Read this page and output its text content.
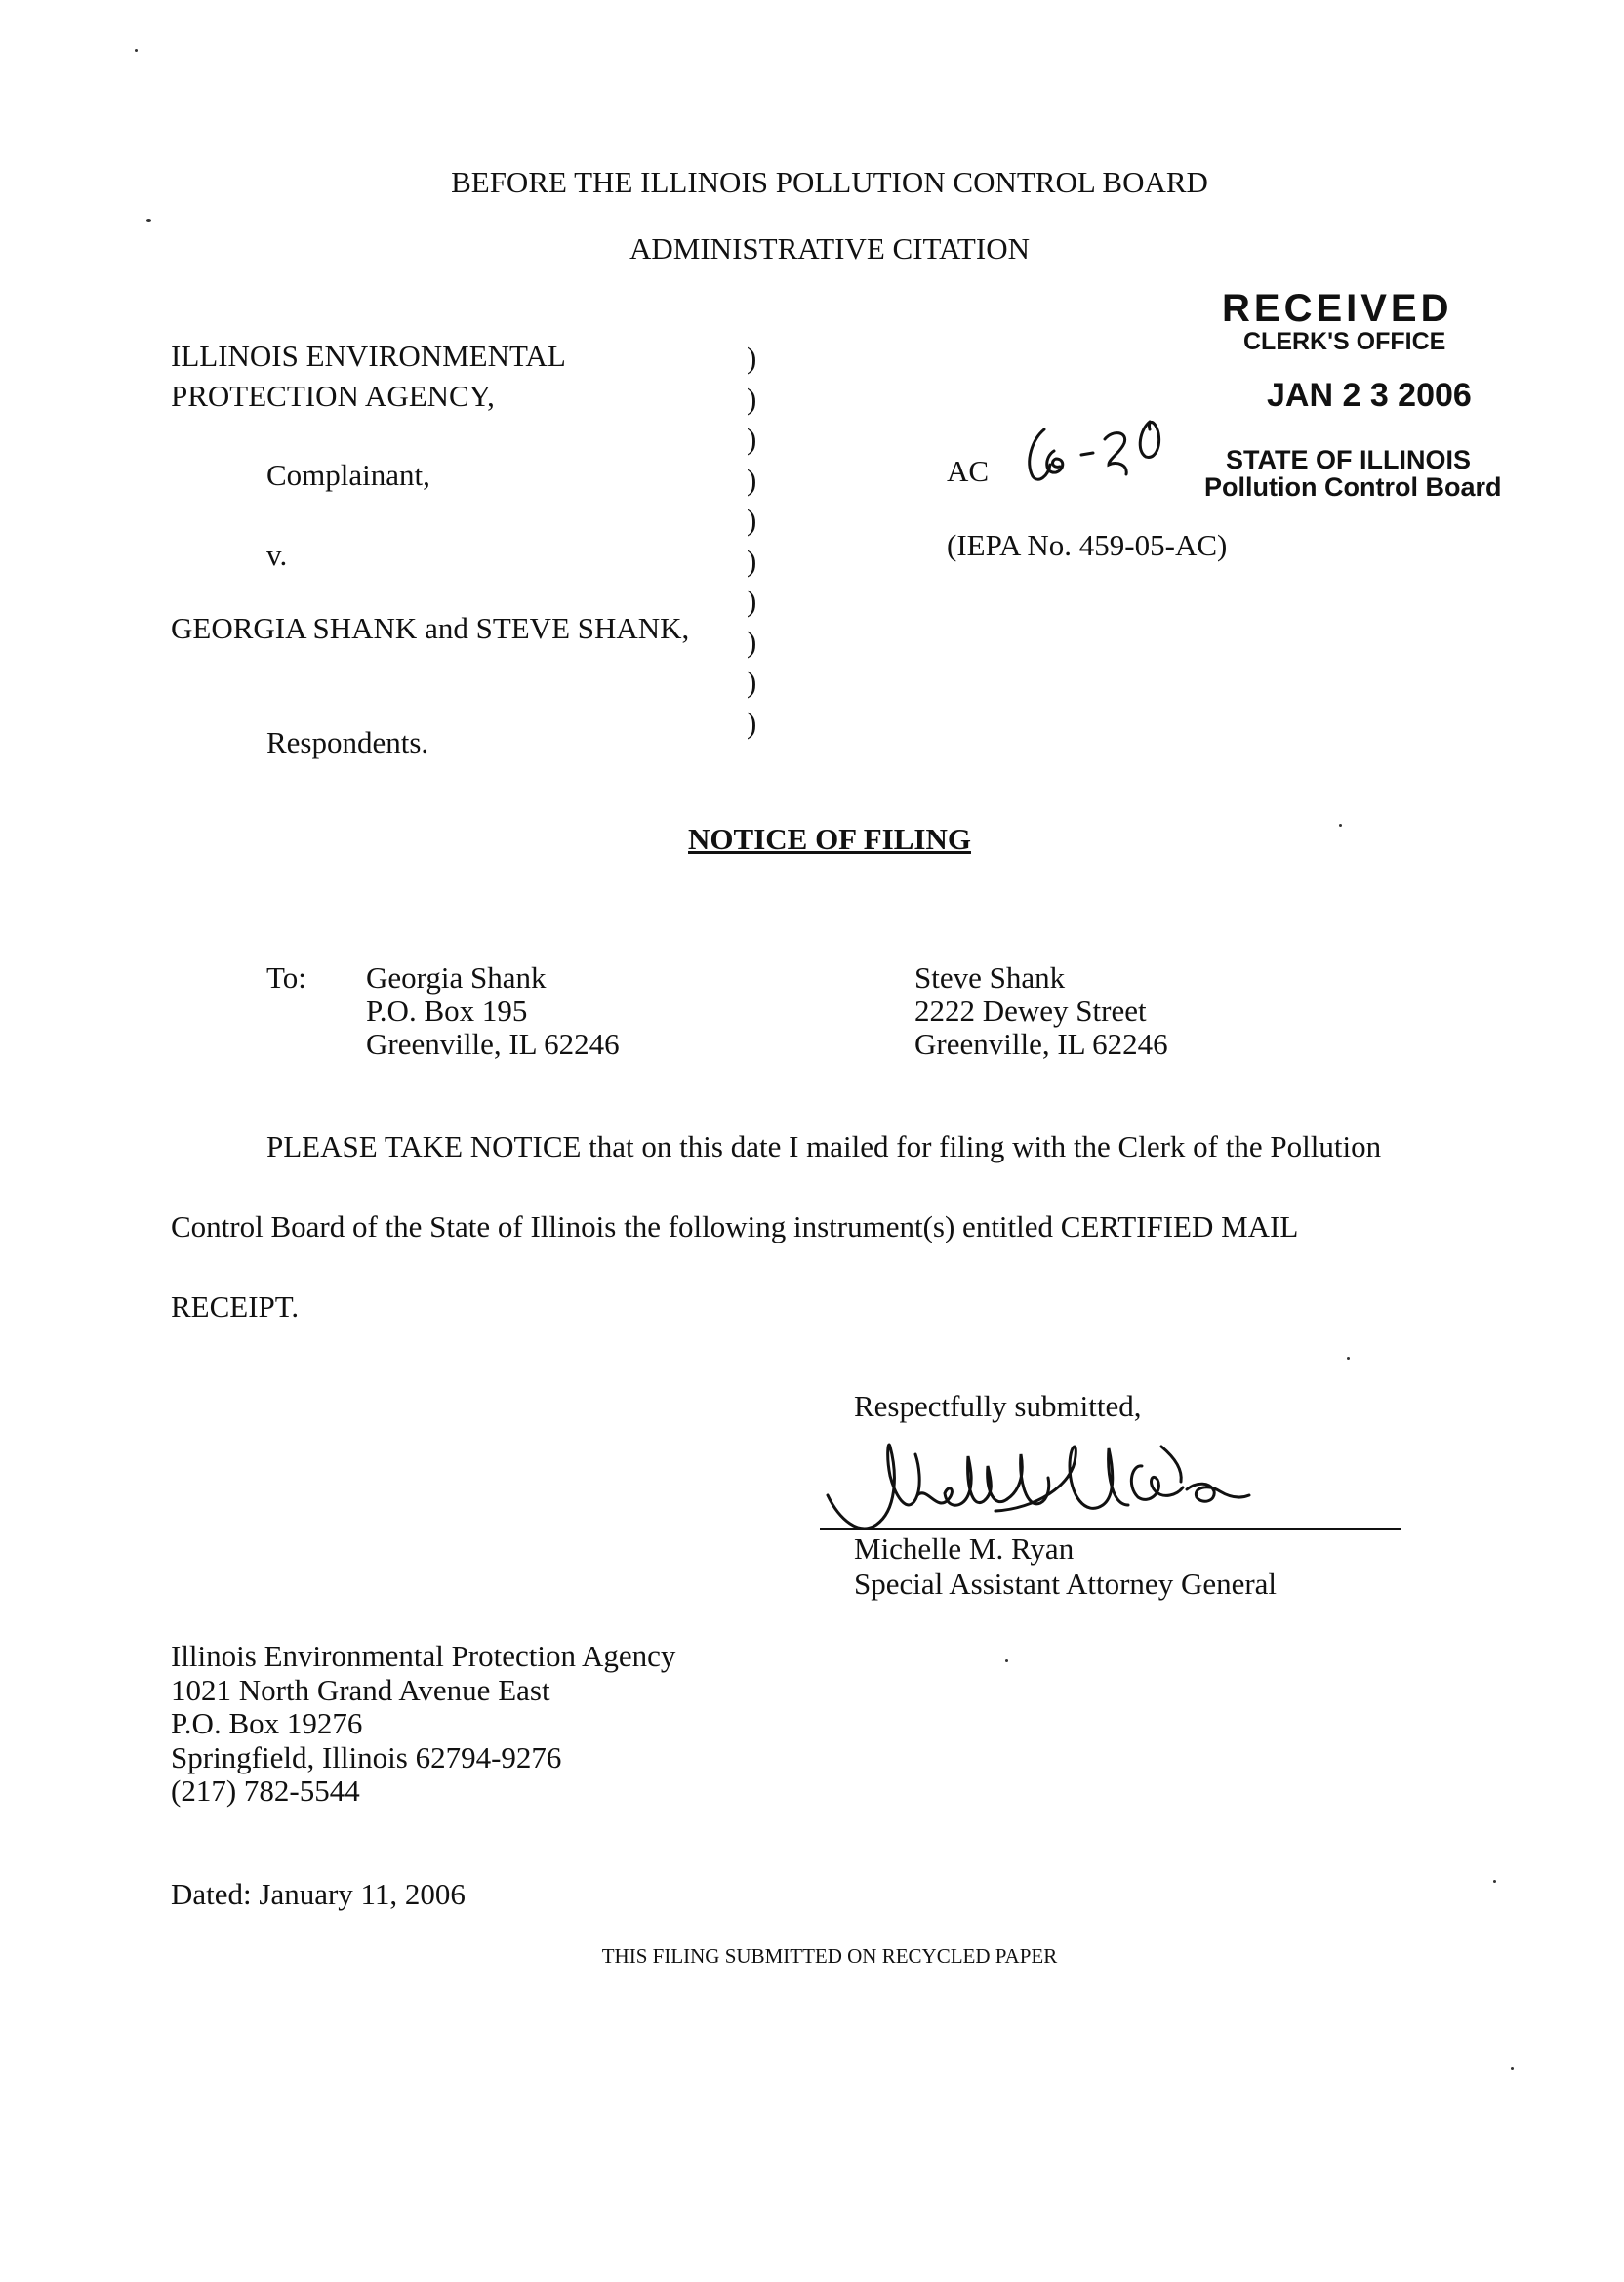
BEFORE THE ILLINOIS POLLUTION CONTROL BOARD
ADMINISTRATIVE CITATION
RECEIVED
CLERK'S OFFICE
JAN 2 3 2006
STATE OF ILLINOIS
Pollution Control Board
ILLINOIS ENVIRONMENTAL
PROTECTION AGENCY,
Complainant,
v.
GEORGIA SHANK and STEVE SHANK,
Respondents.
)
)
)
)
)
)
)
)
)
)
AC
(IEPA No. 459-05-AC)
NOTICE OF FILING
To: Georgia Shank
P.O. Box 195
Greenville, IL 62246
Steve Shank
2222 Dewey Street
Greenville, IL 62246
PLEASE TAKE NOTICE that on this date I mailed for filing with the Clerk of the Pollution
Control Board of the State of Illinois the following instrument(s) entitled CERTIFIED MAIL
RECEIPT.
Respectfully submitted,
Michelle M. Ryan
Special Assistant Attorney General
Illinois Environmental Protection Agency
1021 North Grand Avenue East
P.O. Box 19276
Springfield, Illinois 62794-9276
(217) 782-5544
Dated: January 11, 2006
THIS FILING SUBMITTED ON RECYCLED PAPER
